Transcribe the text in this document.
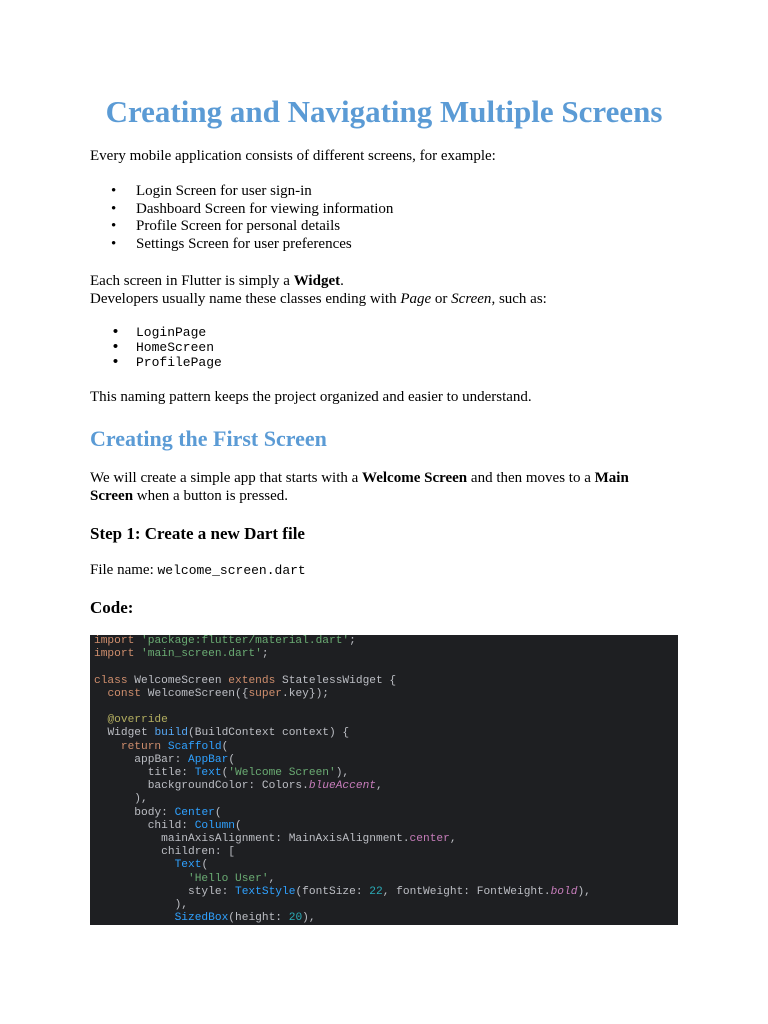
Creating and Navigating Multiple Screens

Every mobile application consists of different screens, for example:

• Login Screen for user sign-in
• Dashboard Screen for viewing information
• Profile Screen for personal details
• Settings Screen for user preferences

Each screen in Flutter is simply a Widget.
Developers usually name these classes ending with Page or Screen, such as:

• LoginPage
• HomeScreen
• ProfilePage

This naming pattern keeps the project organized and easier to understand.

Creating the First Screen

We will create a simple app that starts with a Welcome Screen and then moves to a Main
Screen when a button is pressed.

Step 1: Create a new Dart file

File name: welcome_screen.dart

Code:
import 'package:flutter/material.dart';
import 'main_screen.dart';

class WelcomeScreen extends StatelessWidget {
const WelcomeScreen({super.key});

@override
Widget build(BuildContext context) {
return Scaffold(
appBar: AppBar(
title: Text('Welcome Screen'),
backgroundColor: Colors.blueAccent,
),
body: Center(
child: Column(
mainAxisAlignment: MainAxisAlignment.center,
children: [
Text(
'Hello User',
style: TextStyle(fontSize: 22, fontWeight: FontWeight.bold),
),
SizedBox(height: 20),
